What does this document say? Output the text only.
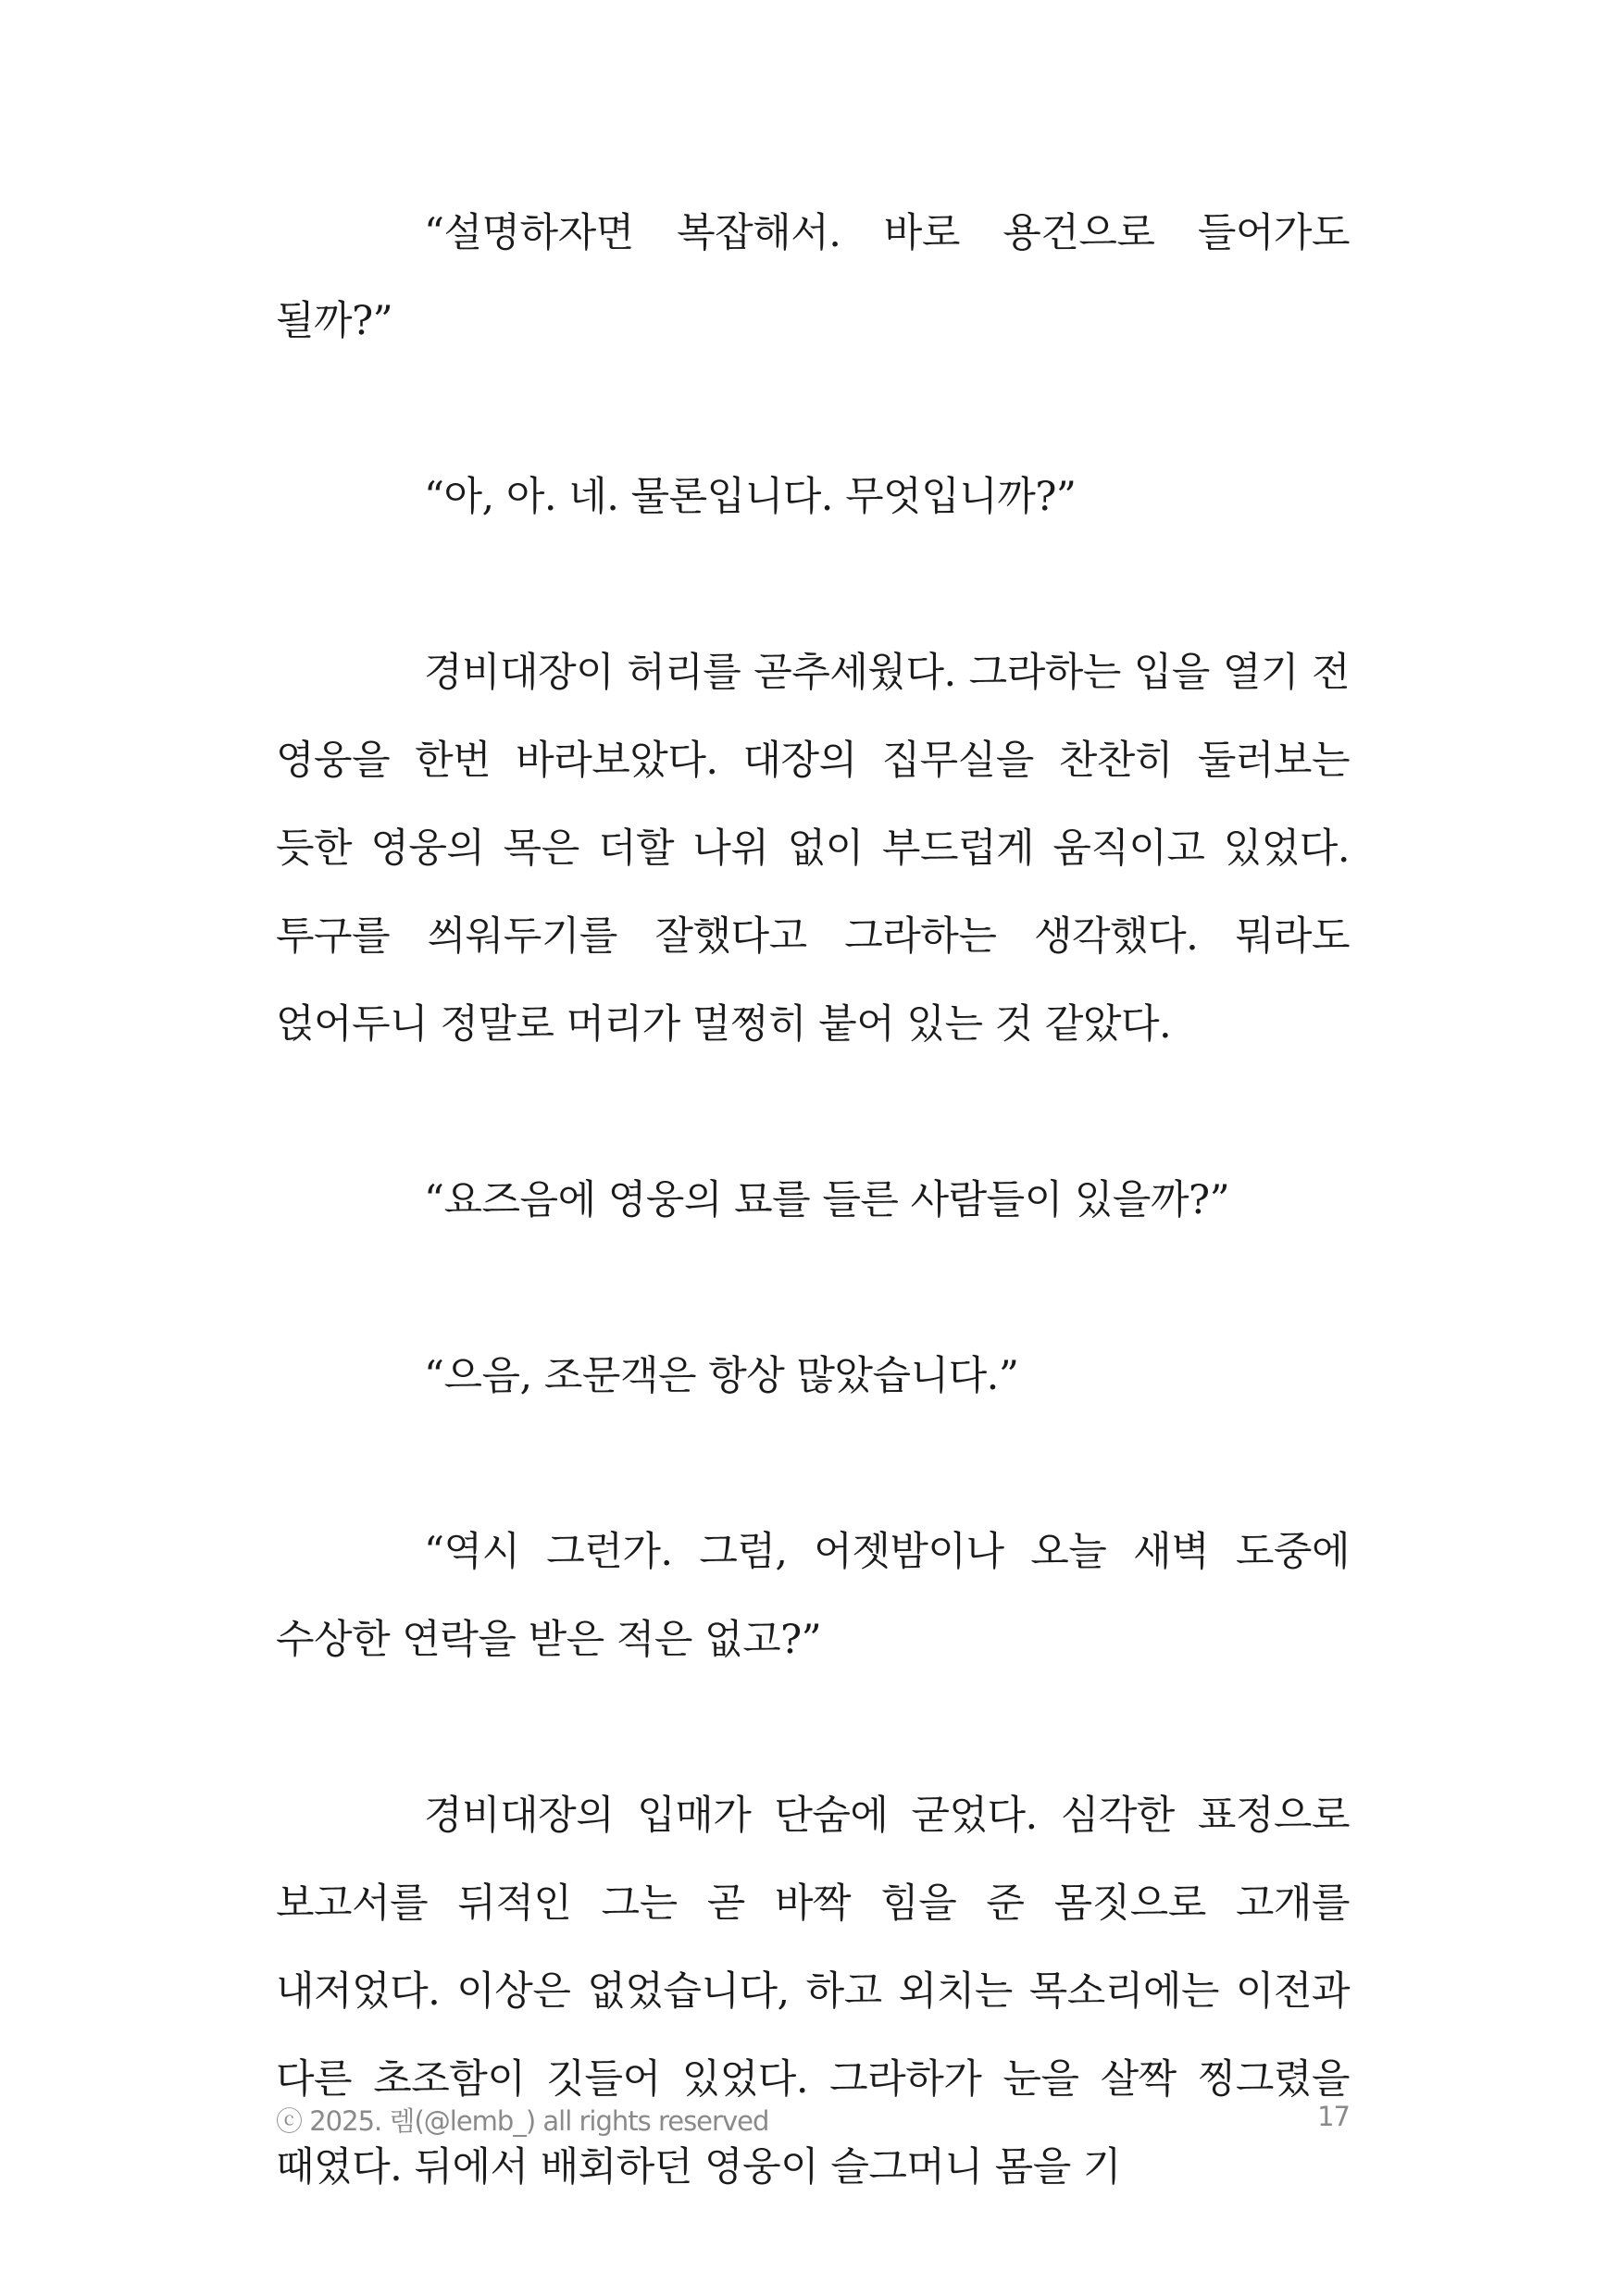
“설명하자면 복잡해서. 바로 용건으로 들어가도 될까?”

“아, 아. 네. 물론입니다. 무엇입니까?”

경비대장이 허리를 곧추세웠다. 그라하는 입을 열기 전 영웅을 한번 바라보았다. 대장의 집무실을 찬찬히 둘러보는 듯한 영웅의 목은 더할 나위 없이 부드럽게 움직이고 있었다. 투구를 씌워두기를 잘했다고 그라하는 생각했다. 뭐라도 얹어두니 정말로 머리가 멀쩡히 붙어 있는 것 같았다.

“요즈음에 영웅의 묘를 들른 사람들이 있을까?”

“으음, 조문객은 항상 많았습니다.”

“역시 그런가. 그럼, 어젯밤이나 오늘 새벽 도중에 수상한 연락을 받은 적은 없고?”

경비대장의 입매가 단숨에 굳었다. 심각한 표정으로 보고서를 뒤적인 그는 곧 바짝 힘을 준 몸짓으로 고개를 내저었다. 이상은 없었습니다, 하고 외치는 목소리에는 이전과 다른 초조함이 깃들어 있었다. 그라하가 눈을 살짝 찡그렸을 때였다. 뒤에서 배회하던 영웅이 슬그머니 몸을 기

ⓒ 2025. 렘(@lemb_) all rights reserved	17
